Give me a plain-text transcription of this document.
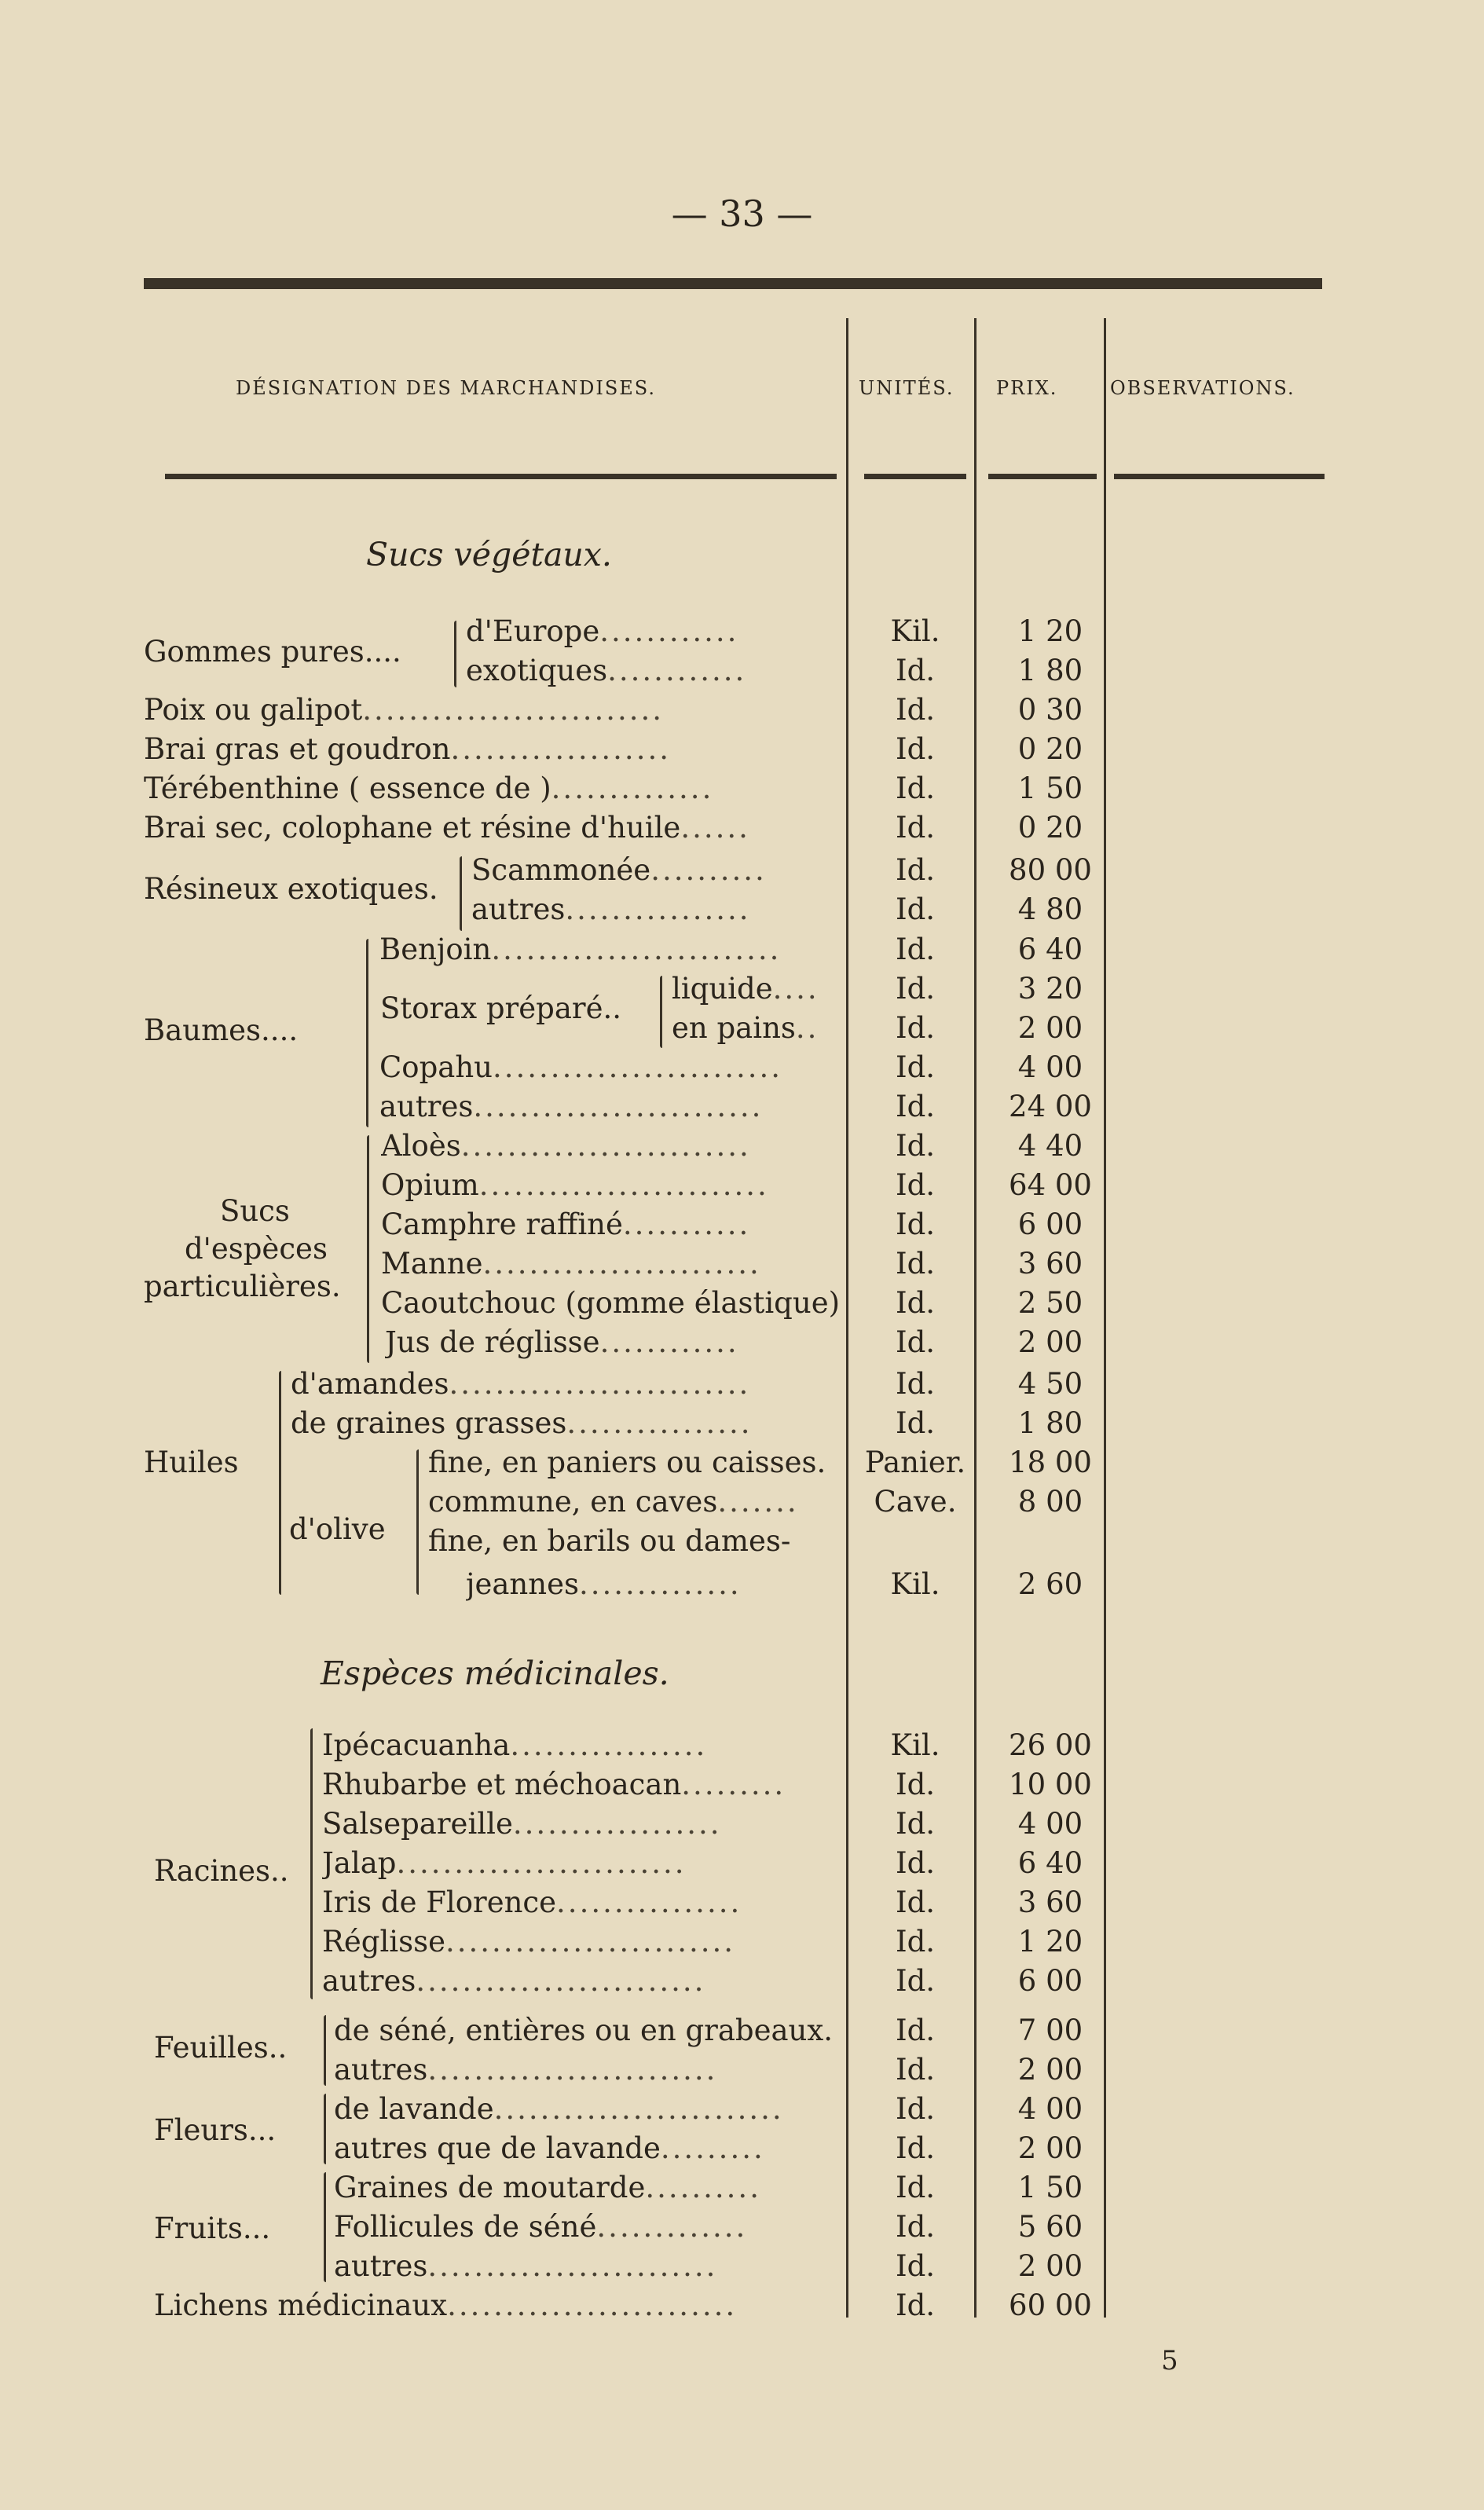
— 33 —
DÉSIGNATION DES MARCHANDISES.	UNITÉS. PRIX.	OBSERVATIONS.
Sucs végétaux.
Espèces médicinales.
Gommes pures....
Résineux exotiques.
Baumes....
Storax préparé..
Sucs
d'espèces
particulières.
Huiles
d'olive
Racines..
Feuilles..
Fleurs...
Fruits...
d'Europe............	Kil.	1 20
exotiques............	Id.	1 80
Poix ou galipot..........................	Id.	0 30
Brai gras et goudron...................	Id.	0 20
Térébenthine ( essence de )..............	Id.	1 50
Brai sec, colophane et résine d'huile......	Id.	0 20
Scammonée..........	Id.	80 00
autres................	Id.	4 80
Benjoin.........................	Id.	6 40
liquide....	Id.	3 20
en pains..	Id.	2 00
Copahu.........................	Id.	4 00
autres.........................	Id.	24 00
Aloès.........................	Id.	4 40
Opium.........................	Id.	64 00
Camphre raffiné...........	Id.	6 00
Manne........................	Id.	3 60
Caoutchouc (gomme élastique)	Id.	2 50
Jus de réglisse............	Id.	2 00
d'amandes..........................	Id.	4 50
de graines grasses................	Id.	1 80
fine, en paniers ou caisses.	Panier.	18 00
commune, en caves.......	Cave.	8 00
fine, en barils ou dames-
jeannes..............	Kil.	2 60
Ipécacuanha.................	Kil.	26 00
Rhubarbe et méchoacan.........	Id.	10 00
Salsepareille..................	Id.	4 00
Jalap.........................	Id.	6 40
Iris de Florence................	Id.	3 60
Réglisse.........................	Id.	1 20
autres.........................	Id.	6 00
de séné, entières ou en grabeaux.	Id.	7 00
autres.........................	Id.	2 00
de lavande.........................	Id.	4 00
autres que de lavande.........	Id.	2 00
Graines de moutarde..........	Id.	1 50
Follicules de séné.............	Id.	5 60
autres.........................	Id.	2 00
Lichens médicinaux.........................	Id.	60 00
5
